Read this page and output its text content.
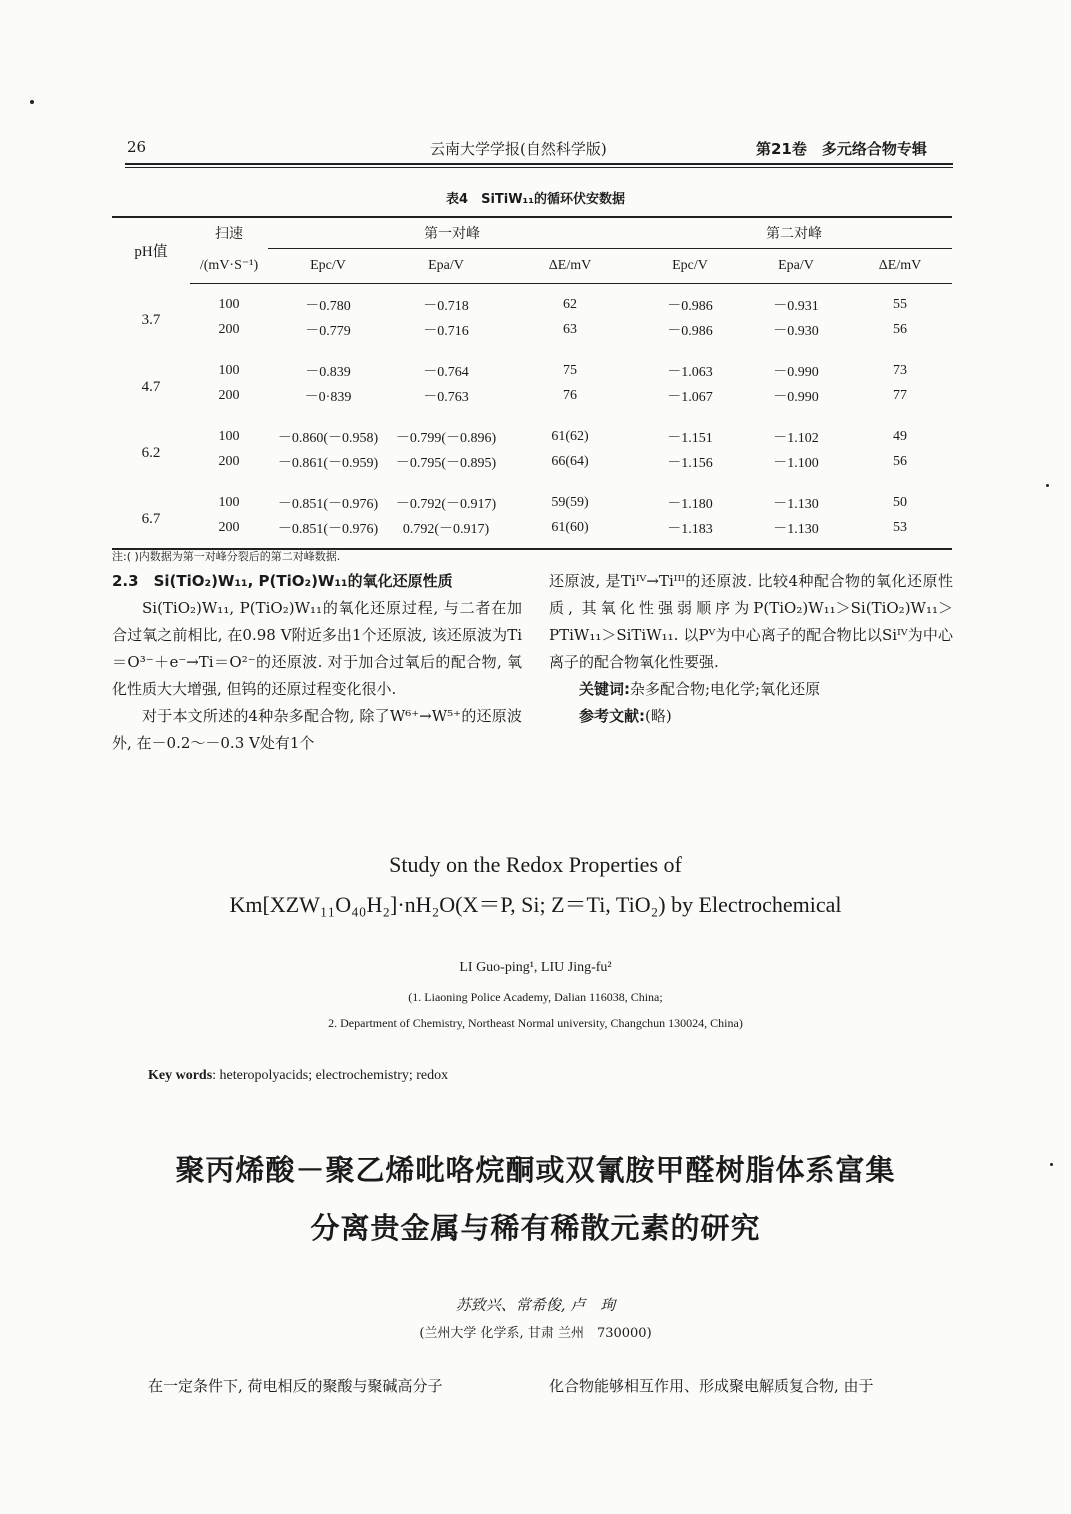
26	云南大学学报(自然科学版)	第21卷　多元络合物专辑
表4　SiTiW₁₁的循环伏安数据
pH值	扫速	第一对峰			第二对峰		
	/(mV·S⁻¹)	Epc/V	Epa/V	ΔE/mV	Epc/V	Epa/V	ΔE/mV
3.7	100	－0.780	－0.718	62	－0.986	－0.931	55
	200	－0.779	－0.716	63	－0.986	－0.930	56
4.7	100	－0.839	－0.764	75	－1.063	－0.990	73
	200	－0·839	－0.763	76	－1.067	－0.990	77
6.2	100	－0.860(－0.958)	－0.799(－0.896)	61(62)	－1.151	－1.102	49
	200	－0.861(－0.959)	－0.795(－0.895)	66(64)	－1.156	－1.100	56
6.7	100	－0.851(－0.976)	－0.792(－0.917)	59(59)	－1.180	－1.130	50
	200	－0.851(－0.976)	0.792(－0.917)	61(60)	－1.183	－1.130	53
注:( )内数据为第一对峰分裂后的第二对峰数据.
2.3　Si(TiO₂)W₁₁, P(TiO₂)W₁₁的氧化还原性质
Si(TiO₂)W₁₁, P(TiO₂)W₁₁的氧化还原过程, 与二者在加合过氧之前相比, 在0.98 V附近多出1个还原波, 该还原波为Ti＝O³⁻＋e⁻→Ti＝O²⁻的还原波. 对于加合过氧后的配合物, 氧化性质大大增强, 但钨的还原过程变化很小.
对于本文所述的4种杂多配合物, 除了W⁶⁺→W⁵⁺的还原波外, 在－0.2～－0.3 V处有1个
还原波, 是Tiᴵⱽ→Tiᴵᴵᴵ的还原波. 比较4种配合物的氧化还原性质, 其氧化性强弱顺序为P(TiO₂)W₁₁＞Si(TiO₂)W₁₁＞PTiW₁₁＞SiTiW₁₁. 以Pⱽ为中心离子的配合物比以Siᴵⱽ为中心离子的配合物氧化性要强.
关键词:杂多配合物;电化学;氧化还原
参考文献:(略)
Study on the Redox Properties of
Km[XZW₁₁O₄₀H₂]·nH₂O(X＝P, Si; Z＝Ti, TiO₂) by Electrochemical
LI Guo-ping¹, LIU Jing-fu²
(1. Liaoning Police Academy, Dalian 116038, China;
2. Department of Chemistry, Northeast Normal university, Changchun 130024, China)
Key words: heteropolyacids; electrochemistry; redox
聚丙烯酸－聚乙烯吡咯烷酮或双氰胺甲醛树脂体系富集
分离贵金属与稀有稀散元素的研究
苏致兴、常希俊, 卢　珣
(兰州大学 化学系, 甘肃 兰州　730000)
在一定条件下, 荷电相反的聚酸与聚碱高分子	化合物能够相互作用、形成聚电解质复合物, 由于
